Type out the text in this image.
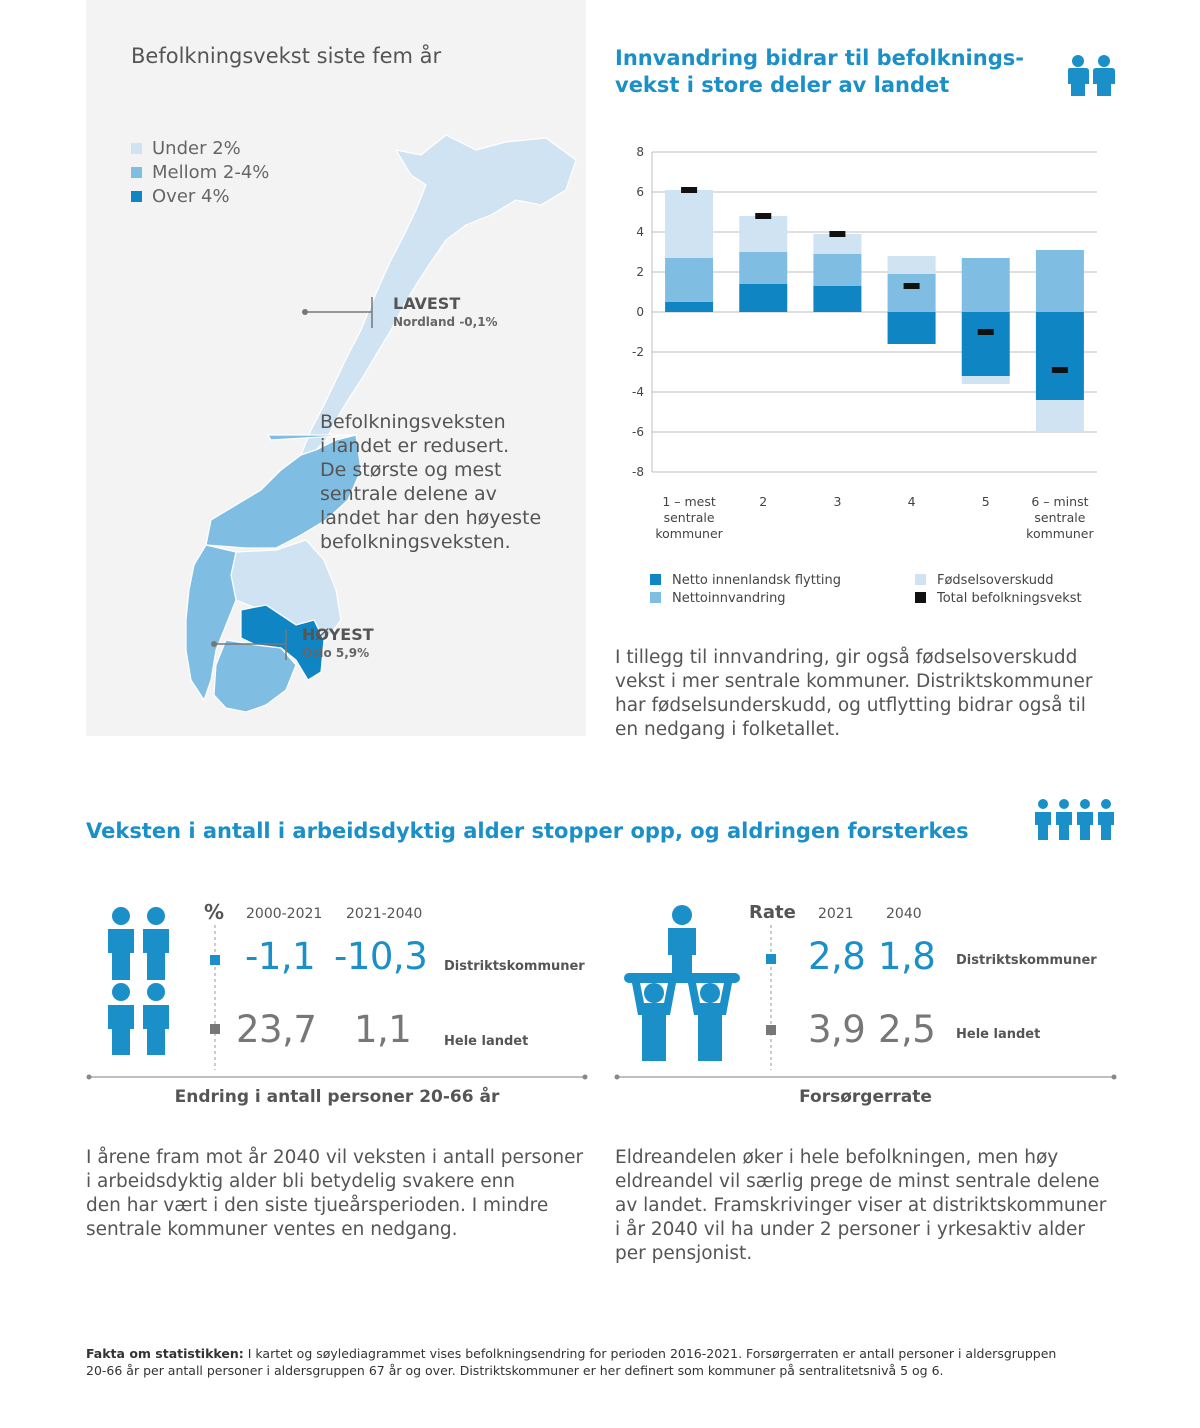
Befolkningsvekst siste fem år
Under 2%
Mellom 2-4%
Over 4%
LAVEST
Nordland -0,1%
HØYEST
Oslo 5,9%
Befolkningsveksten
i landet er redusert.
De største og mest
sentrale delene av
landet har den høyeste
befolkningsveksten.
Innvandring bidrar til befolknings-
vekst i store deler av landet
8
6
4
2
0
-2
-4
-6
-8
1 – mest
sentrale
kommuner
2	3	4	5	6 – minst
sentrale
kommuner
Netto innenlandsk flytting	Fødselsoverskudd
Nettoinnvandring	Total befolkningsvekst
I tillegg til innvandring, gir også fødselsoverskudd
vekst i mer sentrale kommuner. Distriktskommuner
har fødselsunderskudd, og utflytting bidrar også til
en nedgang i folketallet.
Veksten i antall i arbeidsdyktig alder stopper opp, og aldringen forsterkes
% 2000-2021 2021-2040
-1,1 -10,3 Distriktskommuner
23,7 1,1	Hele landet
Endring i antall personer 20-66 år
Rate 2021 2040
2,8 1,8 Distriktskommuner
3,9 2,5 Hele landet
Forsørgerrate
I årene fram mot år 2040 vil veksten i antall personer
i arbeidsdyktig alder bli betydelig svakere enn
den har vært i den siste tjueårsperioden. I mindre
sentrale kommuner ventes en nedgang.
Eldreandelen øker i hele befolkningen, men høy
eldreandel vil særlig prege de minst sentrale delene
av landet. Framskrivinger viser at distriktskommuner
i år 2040 vil ha under 2 personer i yrkesaktiv alder
per pensjonist.
Fakta om statistikken: I kartet og søylediagrammet vises befolkningsendring for perioden 2016-2021. Forsørgerraten er antall personer i aldersgruppen
20-66 år per antall personer i aldersgruppen 67 år og over. Distriktskommuner er her definert som kommuner på sentralitetsnivå 5 og 6.
